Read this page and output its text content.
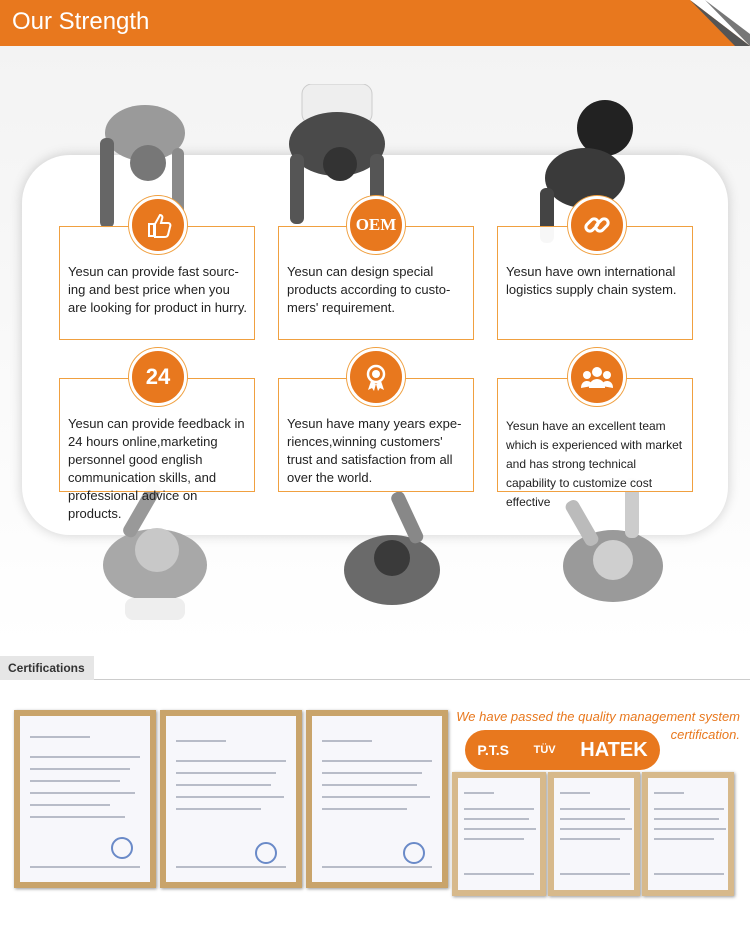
Our Strength
Yesun can provide fast sourc-ing and best price when you are looking for product in hurry.
Yesun can design special products according to custo-mers' requirement.
OEM
Yesun have own international logistics supply chain system.
Yesun can provide feedback in 24 hours online,marketing personnel good english communication skills, and professional advice on products.
24
Yesun have many years expe-riences,winning customers' trust and satisfaction from all over the world.
Yesun have an excellent team which is experienced with market and has strong technical capability to customize cost effective
Certifications
We have passed the quality management system certification.
P.T.S TÜV HATEK
